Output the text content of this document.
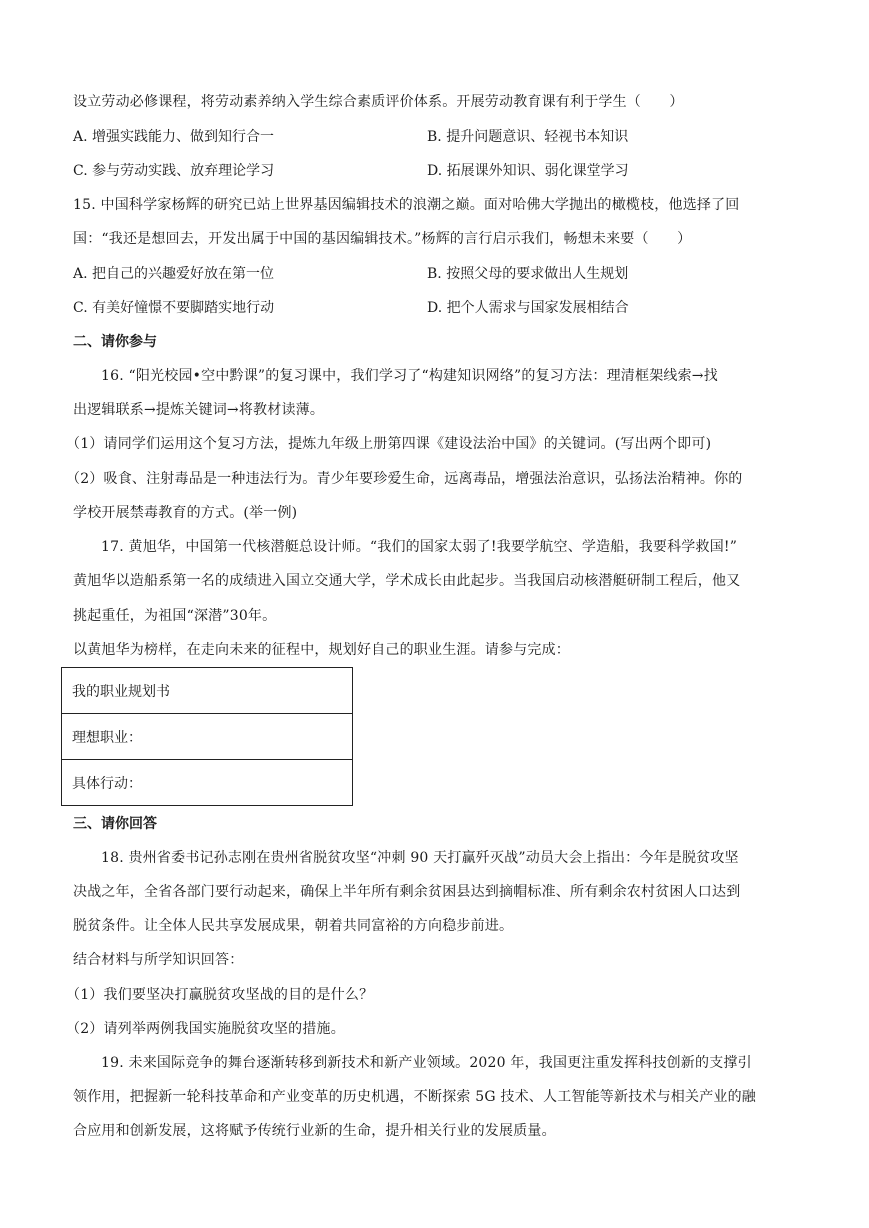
设立劳动必修课程，将劳动素养纳入学生综合素质评价体系。开展劳动教育课有利于学生（　　）
A. 增强实践能力、做到知行合一	B. 提升问题意识、轻视书本知识
C. 参与劳动实践、放弃理论学习	D. 拓展课外知识、弱化课堂学习
15. 中国科学家杨辉的研究已站上世界基因编辑技术的浪潮之巅。面对哈佛大学抛出的橄榄枝，他选择了回
国：“我还是想回去，开发出属于中国的基因编辑技术。”杨辉的言行启示我们，畅想未来要（　　）
A. 把自己的兴趣爱好放在第一位	B. 按照父母的要求做出人生规划
C. 有美好憧憬不要脚踏实地行动	D. 把个人需求与国家发展相结合
二、请你参与
16. “阳光校园•空中黔课”的复习课中，我们学习了“构建知识网络”的复习方法：理清框架线索→找
出逻辑联系→提炼关键词→将教材读薄。
（1）请同学们运用这个复习方法，提炼九年级上册第四课《建设法治中国》的关键词。(写出两个即可)
（2）吸食、注射毒品是一种违法行为。青少年要珍爱生命，远离毒品，增强法治意识，弘扬法治精神。你的
学校开展禁毒教育的方式。(举一例)
17. 黄旭华，中国第一代核潜艇总设计师。“我们的国家太弱了!我要学航空、学造船，我要科学救国!”
黄旭华以造船系第一名的成绩进入国立交通大学，学术成长由此起步。当我国启动核潜艇研制工程后，他又
挑起重任，为祖国“深潜”30年。
以黄旭华为榜样，在走向未来的征程中，规划好自己的职业生涯。请参与完成：
我的职业规划书
理想职业：
具体行动：
三、请你回答
18. 贵州省委书记孙志刚在贵州省脱贫攻坚“冲刺 90 天打赢歼灭战”动员大会上指出：今年是脱贫攻坚
决战之年，全省各部门要行动起来，确保上半年所有剩余贫困县达到摘帽标准、所有剩余农村贫困人口达到
脱贫条件。让全体人民共享发展成果，朝着共同富裕的方向稳步前进。
结合材料与所学知识回答：
（1）我们要坚决打赢脱贫攻坚战的目的是什么？
（2）请列举两例我国实施脱贫攻坚的措施。
19. 未来国际竞争的舞台逐渐转移到新技术和新产业领域。2020 年，我国更注重发挥科技创新的支撑引
领作用，把握新一轮科技革命和产业变革的历史机遇，不断探索 5G 技术、人工智能等新技术与相关产业的融
合应用和创新发展，这将赋予传统行业新的生命，提升相关行业的发展质量。
